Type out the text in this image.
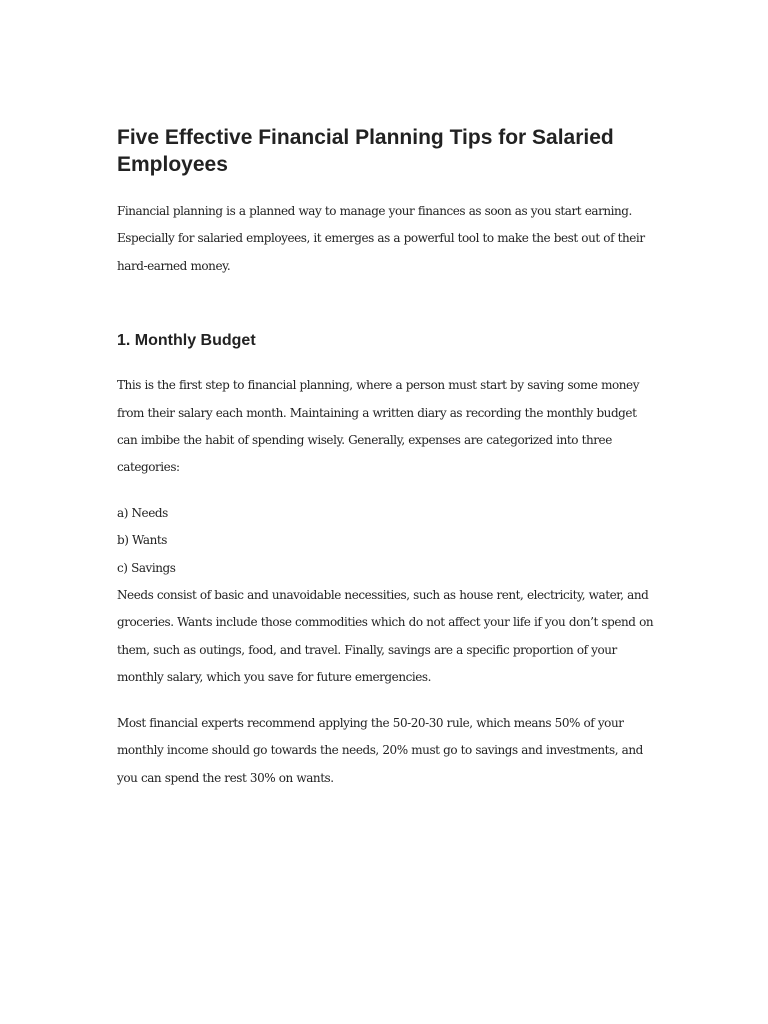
Five Effective Financial Planning Tips for Salaried Employees

Financial planning is a planned way to manage your finances as soon as you start earning. Especially for salaried employees, it emerges as a powerful tool to make the best out of their hard-earned money.

1. Monthly Budget

This is the first step to financial planning, where a person must start by saving some money from their salary each month. Maintaining a written diary as recording the monthly budget can imbibe the habit of spending wisely. Generally, expenses are categorized into three categories:

a) Needs

b) Wants

c) Savings

Needs consist of basic and unavoidable necessities, such as house rent, electricity, water, and groceries. Wants include those commodities which do not affect your life if you don’t spend on them, such as outings, food, and travel. Finally, savings are a specific proportion of your monthly salary, which you save for future emergencies.

Most financial experts recommend applying the 50-20-30 rule, which means 50% of your monthly income should go towards the needs, 20% must go to savings and investments, and you can spend the rest 30% on wants.
